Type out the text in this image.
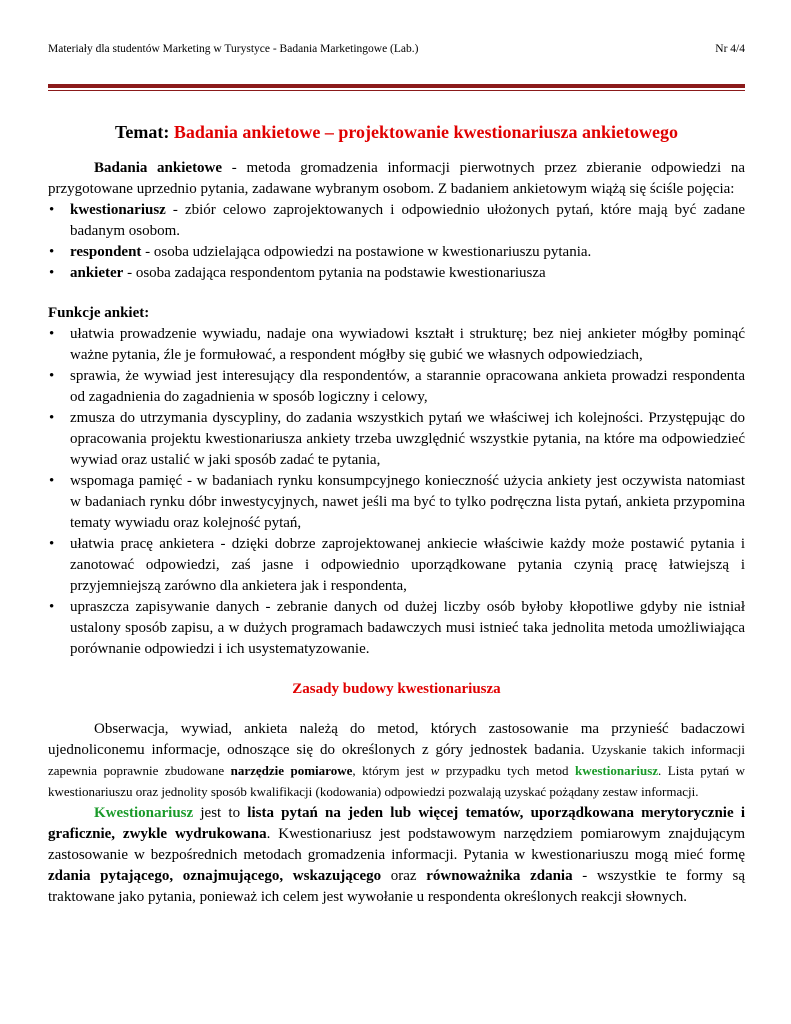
Materiały dla studentów Marketing w Turystyce - Badania Marketingowe (Lab.)	Nr 4/4

Temat: Badania ankietowe – projektowanie kwestionariusza ankietowego

Badania ankietowe - metoda gromadzenia informacji pierwotnych przez zbieranie odpowiedzi na przygotowane uprzednio pytania, zadawane wybranym osobom. Z badaniem ankietowym wiążą się ściśle pojęcia:

• kwestionariusz - zbiór celowo zaprojektowanych i odpowiednio ułożonych pytań, które mają być zadane badanym osobom.
• respondent - osoba udzielająca odpowiedzi na postawione w kwestionariuszu pytania.
• ankieter - osoba zadająca respondentom pytania na podstawie kwestionariusza
Funkcje ankiet:
• ułatwia prowadzenie wywiadu, nadaje ona wywiadowi kształt i strukturę; bez niej ankieter mógłby pominąć ważne pytania, źle je formułować, a respondent mógłby się gubić we własnych odpowiedziach,
• sprawia, że wywiad jest interesujący dla respondentów, a starannie opracowana ankieta prowadzi respondenta od zagadnienia do zagadnienia w sposób logiczny i celowy,
• zmusza do utrzymania dyscypliny, do zadania wszystkich pytań we właściwej ich kolejności. Przystępując do opracowania projektu kwestionariusza ankiety trzeba uwzględnić wszystkie pytania, na które ma odpowiedzieć wywiad oraz ustalić w jaki sposób zadać te pytania,
• wspomaga pamięć - w badaniach rynku konsumpcyjnego konieczność użycia ankiety jest oczywista natomiast w badaniach rynku dóbr inwestycyjnych, nawet jeśli ma być to tylko podręczna lista pytań, ankieta przypomina tematy wywiadu oraz kolejność pytań,
• ułatwia pracę ankietera - dzięki dobrze zaprojektowanej ankiecie właściwie każdy może postawić pytania i zanotować odpowiedzi, zaś jasne i odpowiednio uporządkowane pytania czynią pracę łatwiejszą i przyjemniejszą zarówno dla ankietera jak i respondenta,
• upraszcza zapisywanie danych - zebranie danych od dużej liczby osób byłoby kłopotliwe gdyby nie istniał ustalony sposób zapisu, a w dużych programach badawczych musi istnieć taka jednolita metoda umożliwiająca porównanie odpowiedzi i ich usystematyzowanie.

Zasady budowy kwestionariusza

Obserwacja, wywiad, ankieta należą do metod, których zastosowanie ma przynieść badaczowi ujednoliconemu informacje, odnoszące się do określonych z góry jednostek badania. Uzyskanie takich informacji zapewnia poprawnie zbudowane narzędzie pomiarowe, którym jest w przypadku tych metod kwestionariusz. Lista pytań w kwestionariuszu oraz jednolity sposób kwalifikacji (kodowania) odpowiedzi pozwalają uzyskać pożądany zestaw informacji.

Kwestionariusz jest to lista pytań na jeden lub więcej tematów, uporządkowana merytorycznie i graficznie, zwykle wydrukowana. Kwestionariusz jest podstawowym narzędziem pomiarowym znajdującym zastosowanie w bezpośrednich metodach gromadzenia informacji. Pytania w kwestionariuszu mogą mieć formę zdania pytającego, oznajmującego, wskazującego oraz równoważnika zdania - wszystkie te formy są traktowane jako pytania, ponieważ ich celem jest wywołanie u respondenta określonych reakcji słownych.
